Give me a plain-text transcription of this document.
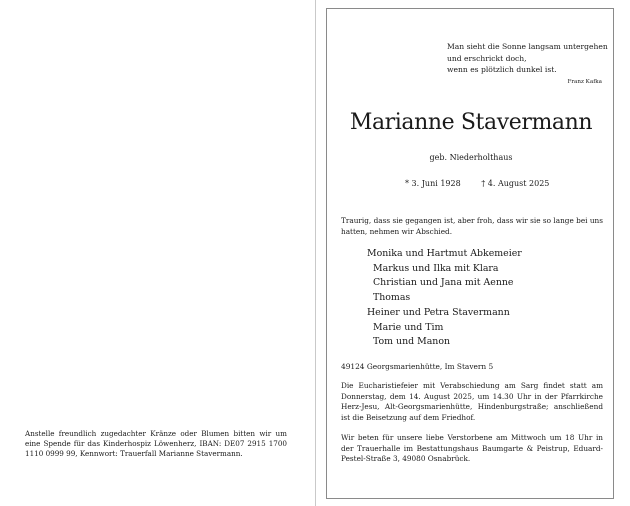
Anstelle freundlich zugedachter Kränze oder Blumen bitten wir um eine Spende für das Kinderhospiz Löwenherz, IBAN: DE07 2915 1700 1110 0999 99, Kennwort: Trauerfall Marianne Stavermann.
Man sieht die Sonne langsam untergehen
und erschrickt doch,
wenn es plötzlich dunkel ist.
Franz Kafka
Marianne Stavermann
geb. Niederholthaus
* 3. Juni 1928	† 4. August 2025
Traurig, dass sie gegangen ist, aber froh, dass wir sie so lange bei uns hatten, nehmen wir Abschied.
Monika und Hartmut Abkemeier
Markus und Ilka mit Klara
Christian und Jana mit Aenne
Thomas
Heiner und Petra Stavermann
Marie und Tim
Tom und Manon
49124 Georgsmarienhütte, Im Stavern 5
Die Eucharistiefeier mit Verabschiedung am Sarg findet statt am Donnerstag, dem 14. August 2025, um 14.30 Uhr in der Pfarrkirche Herz-Jesu, Alt-Georgsmarienhütte, Hindenburgstraße; anschließend ist die Beisetzung auf dem Friedhof.
Wir beten für unsere liebe Verstorbene am Mittwoch um 18 Uhr in der Trauerhalle im Bestattungshaus Baumgarte & Peistrup, Eduard-Pestel-Straße 3, 49080 Osnabrück.
